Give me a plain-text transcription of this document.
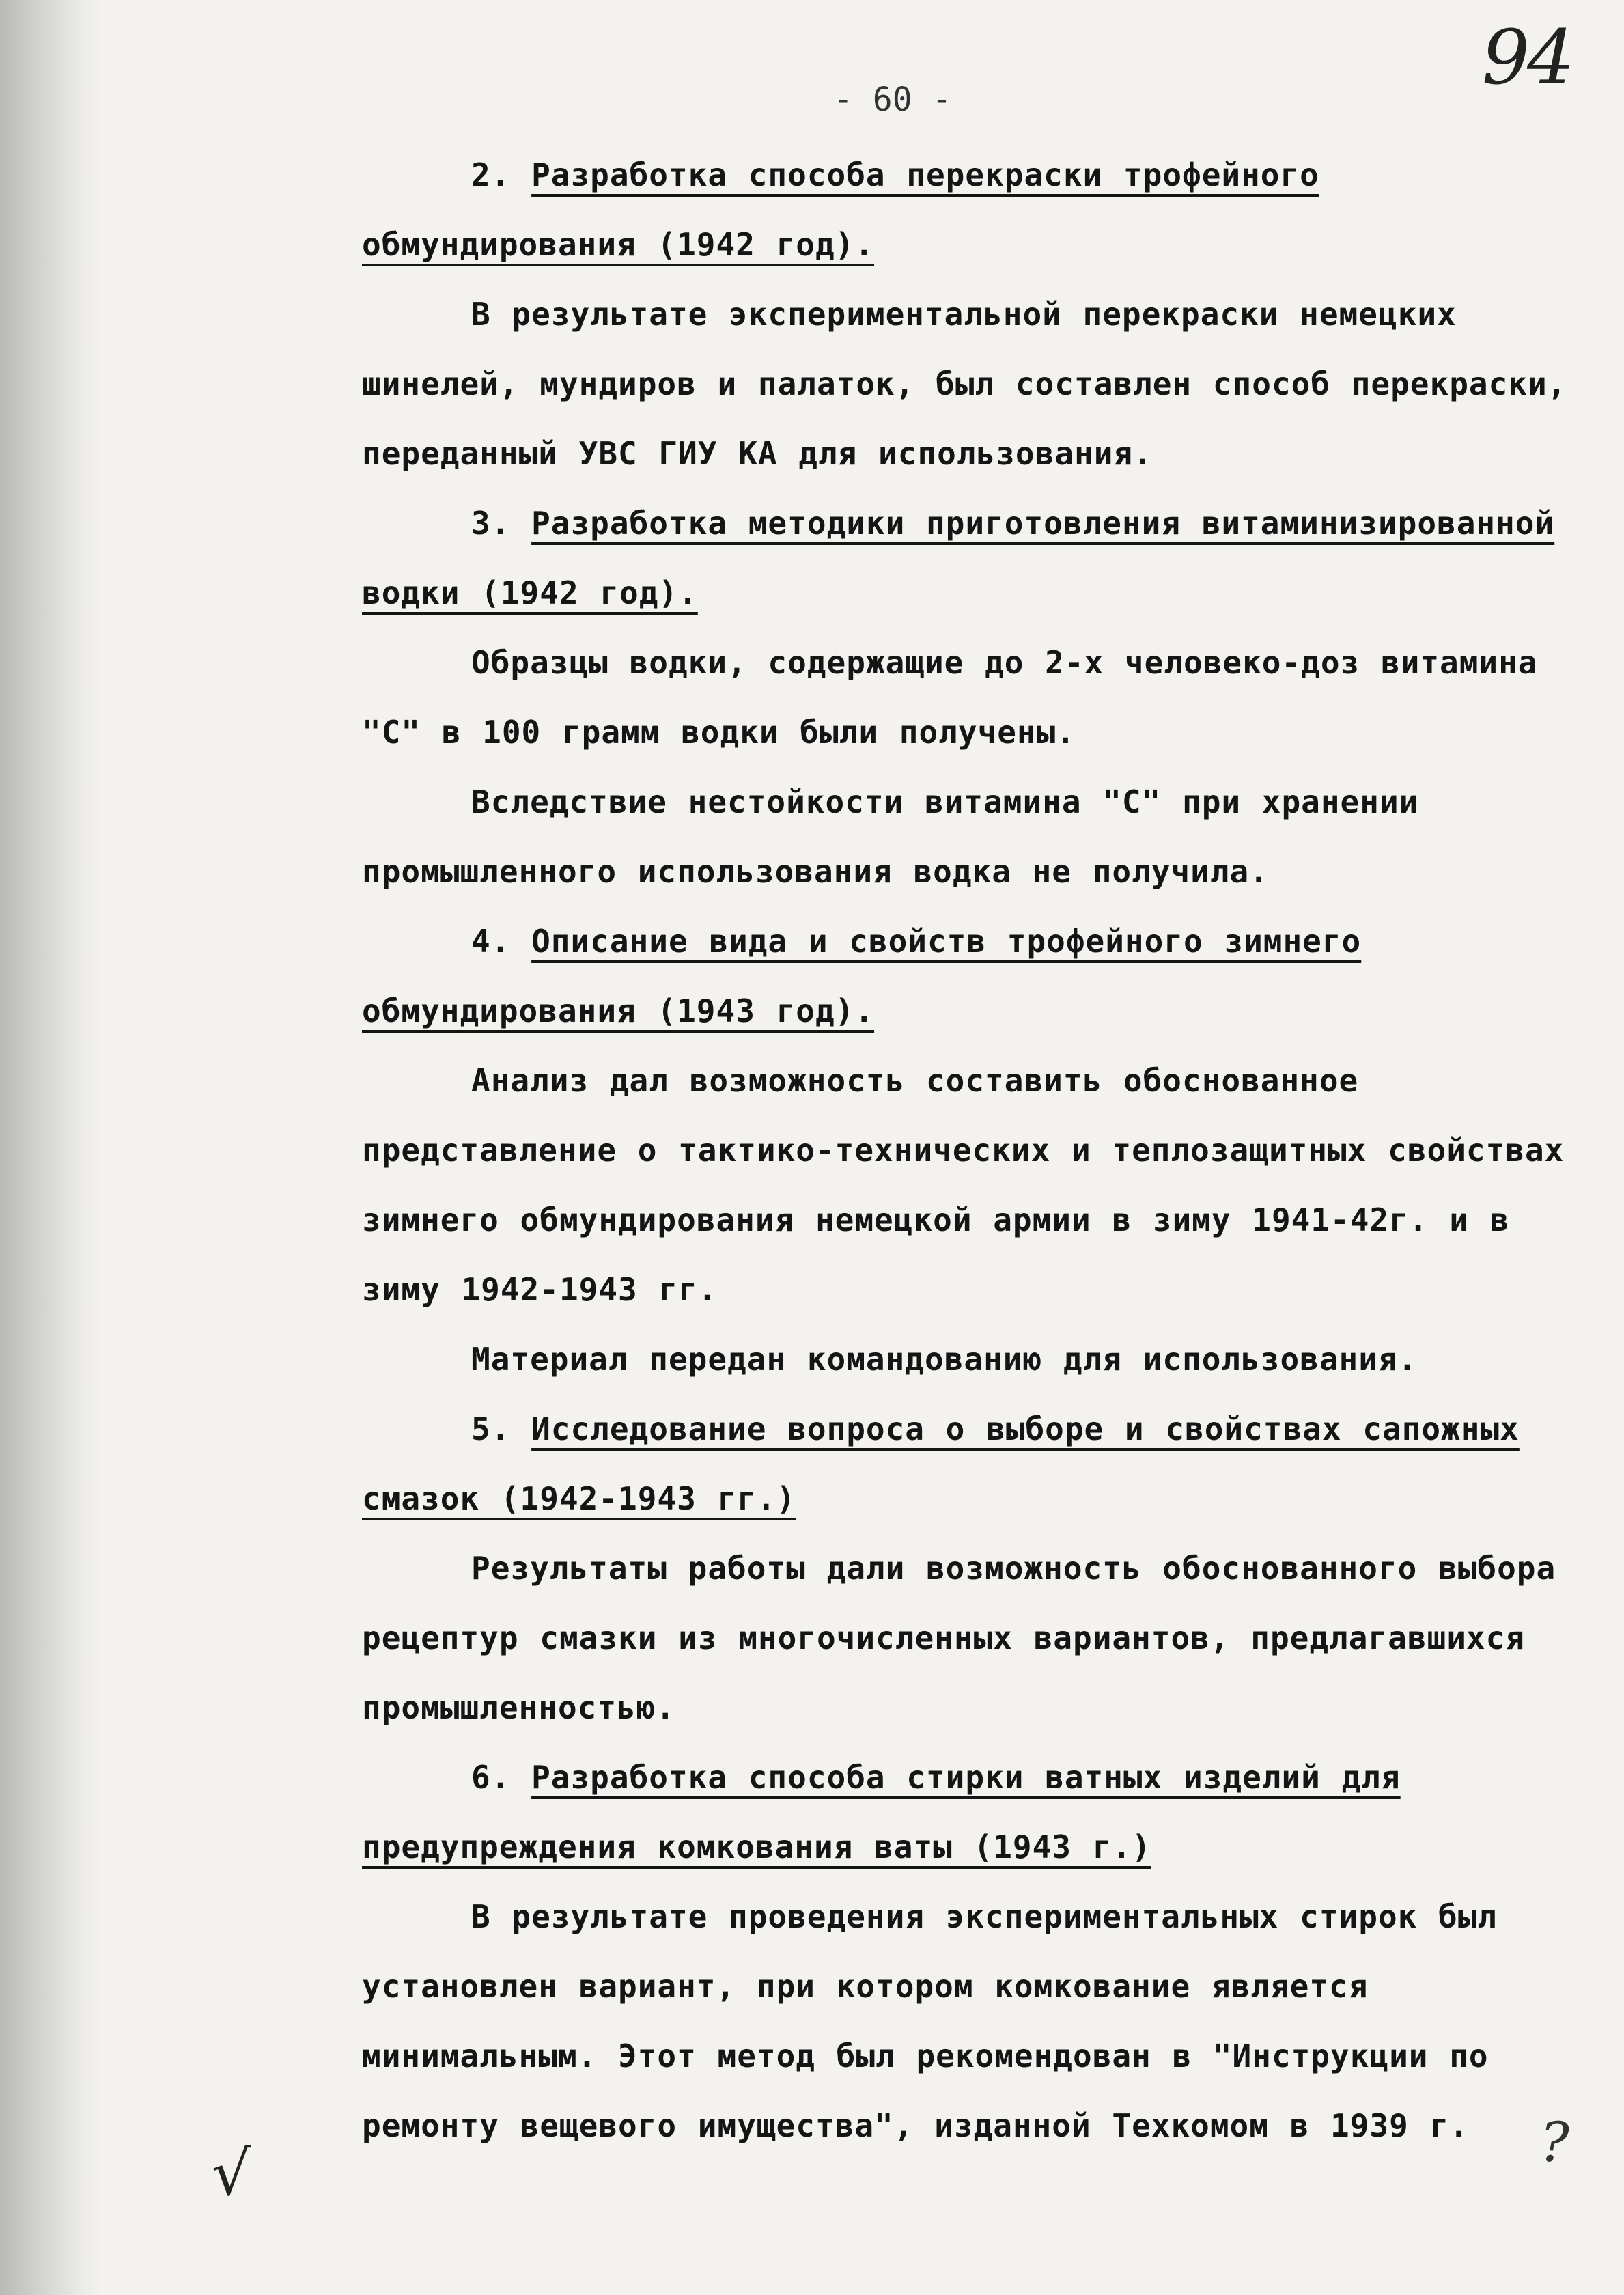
94
- 60 -

2. Разработка способа перекраски трофейного обмундирования (1942 год).

В результате экспериментальной перекраски немецких шинелей, мундиров и палаток, был составлен способ перекраски, переданный УВС ГИУ КА для использования.

3. Разработка методики приготовления витаминизированной водки (1942 год).

Образцы водки, содержащие до 2-х человеко-доз витамина "С" в 100 грамм водки были получены.

Вследствие нестойкости витамина "С" при хранении промышленного использования водка не получила.

4. Описание вида и свойств трофейного зимнего обмундирования (1943 год).

Анализ дал возможность составить обоснованное представление о тактико-технических и теплозащитных свойствах зимнего обмундирования немецкой армии в зиму 1941-42г. и в зиму 1942-1943 гг.

Материал передан командованию для использования.

5. Исследование вопроса о выборе и свойствах сапожных смазок (1942-1943 гг.)

Результаты работы дали возможность обоснованного выбора рецептур смазки из многочисленных вариантов, предлагавшихся промышленностью.

6. Разработка способа стирки ватных изделий для предупреждения комкования ваты (1943 г.)

В результате проведения экспериментальных стирок был установлен вариант, при котором комкование является минимальным. Этот метод был рекомендован в "Инструкции по ремонту вещевого имущества", изданной Техкомом в 1939 г.

√	?
